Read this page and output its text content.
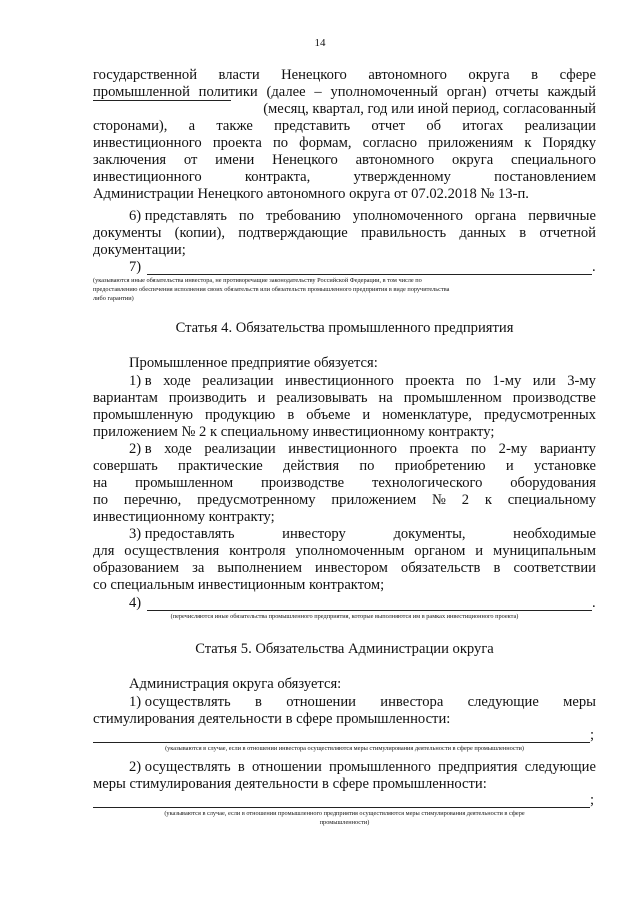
14
государственной власти Ненецкого автономного округа в сфере
промышленной политики (далее – уполномоченный орган) отчеты каждый
(месяц, квартал, год или иной период, согласованный
сторонами), а также представить отчет об итогах реализации
инвестиционного проекта по формам, согласно приложениям к Порядку
заключения от имени Ненецкого автономного округа специального
инвестиционного	контракта,	утвержденному	постановлением
Администрации Ненецкого автономного округа от 07.02.2018 № 13-п.
6) представлять по требованию уполномоченного органа первичные
документы (копии), подтверждающие правильность данных в отчетной
документации;
7)	.
(указываются иные обязательства инвестора, не противоречащие законодательству Российской Федерации, в том числе по
предоставлению обеспечения исполнения своих обязательств или обязательств промышленного предприятия в виде поручительства
либо гарантии)
Статья 4. Обязательства промышленного предприятия
Промышленное предприятие обязуется:
1) в ходе реализации инвестиционного проекта по 1-му или 3-му
вариантам производить и реализовывать на промышленном производстве
промышленную продукцию в объеме и номенклатуре, предусмотренных
приложением № 2 к специальному инвестиционному контракту;
2) в ходе реализации инвестиционного проекта по 2-му варианту
совершать практические действия по приобретению и установке
на промышленном производстве технологического оборудования
по перечню, предусмотренному приложением № 2 к специальному
инвестиционному контракту;
3) предоставлять	инвестору	документы,	необходимые
для осуществления контроля уполномоченным органом и муниципальным
образованием за выполнением инвестором обязательств в соответствии
со специальным инвестиционным контрактом;
4)	.
(перечисляются иные обязательства промышленного предприятия, которые выполняются им в рамках инвестиционного проекта)
Статья 5. Обязательства Администрации округа
Администрация округа обязуется:
1) осуществлять в отношении инвестора следующие меры
стимулирования деятельности в сфере промышленности:
;
(указываются в случае, если в отношении инвестора осуществляются меры стимулирования деятельности в сфере промышленности)
2) осуществлять в отношении промышленного предприятия следующие
меры стимулирования деятельности в сфере промышленности:
;
(указываются в случае, если в отношении промышленного предприятия осуществляются меры стимулирования деятельности в сфере
промышленности)
